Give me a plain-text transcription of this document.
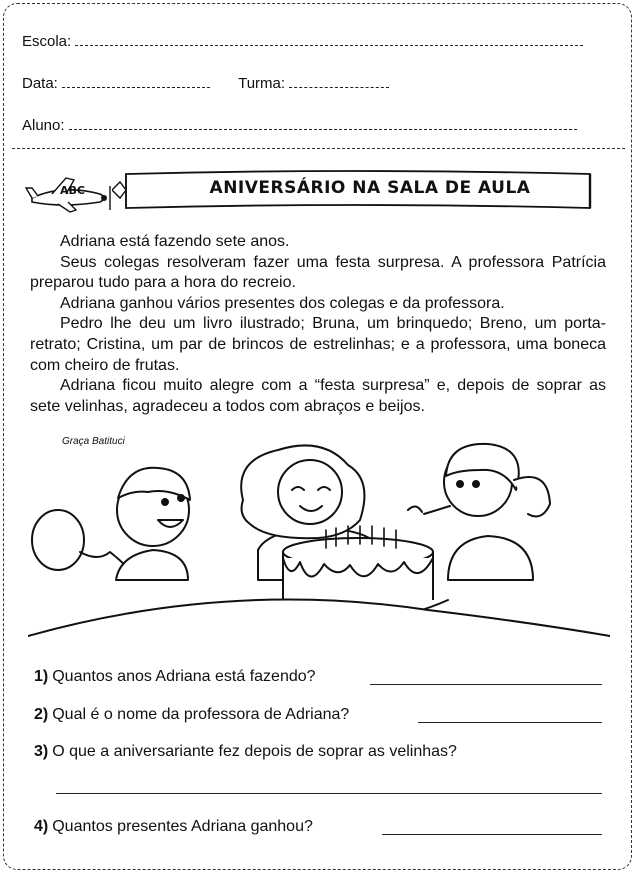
Escola:
Data:	Turma:
Aluno:
ABC	ANIVERSÁRIO NA SALA DE AULA

Adriana está fazendo sete anos.

Seus colegas resolveram fazer uma festa surpresa. A professora Patrícia preparou tudo para a hora do recreio.

Adriana ganhou vários presentes dos colegas e da professora.

Pedro lhe deu um livro ilustrado; Bruna, um brinquedo; Breno, um porta-retrato; Cristina, um par de brincos de estrelinhas; e a professora, uma boneca com cheiro de frutas.

Adriana ficou muito alegre com a “festa surpresa” e, depois de soprar as sete velinhas, agradeceu a todos com abraços e beijos.

Graça Batituci
1) Quantos anos Adriana está fazendo?
2) Qual é o nome da professora de Adriana?
3) O que a aniversariante fez depois de soprar as velinhas?
4) Quantos presentes Adriana ganhou?
